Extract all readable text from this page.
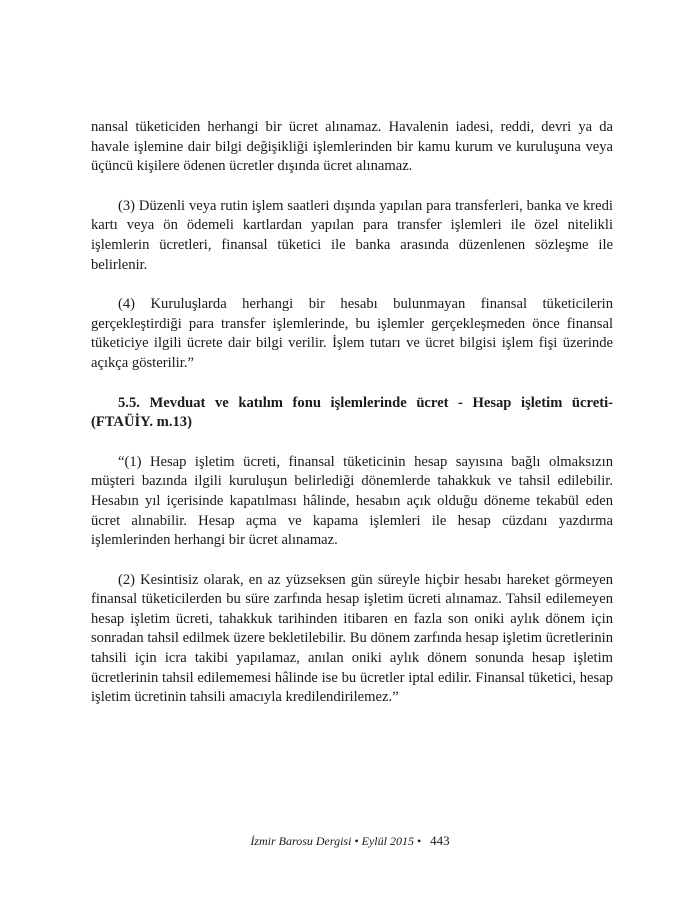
nansal tüketiciden herhangi bir ücret alınamaz. Havalenin iadesi, reddi, devri ya da havale işlemine dair bilgi değişikliği işlemlerinden bir kamu kurum ve kuruluşuna veya üçüncü kişilere ödenen ücretler dışında ücret alınamaz.

(3) Düzenli veya rutin işlem saatleri dışında yapılan para transferleri, banka ve kredi kartı veya ön ödemeli kartlardan yapılan para transfer işlemleri ile özel nitelikli işlemlerin ücretleri, finansal tüketici ile banka arasında düzenlenen sözleşme ile belirlenir.

(4) Kuruluşlarda herhangi bir hesabı bulunmayan finansal tüketicilerin gerçekleştirdiği para transfer işlemlerinde, bu işlemler gerçekleşmeden önce finansal tüketiciye ilgili ücrete dair bilgi verilir. İşlem tutarı ve ücret bilgisi işlem fişi üzerinde açıkça gösterilir.”

5.5. Mevduat ve katılım fonu işlemlerinde ücret - Hesap işletim ücreti- (FTAÜİY. m.13)

“(1) Hesap işletim ücreti, finansal tüketicinin hesap sayısına bağlı olmaksızın müşteri bazında ilgili kuruluşun belirlediği dönemlerde tahakkuk ve tahsil edilebilir. Hesabın yıl içerisinde kapatılması hâlinde, hesabın açık olduğu döneme tekabül eden ücret alınabilir. Hesap açma ve kapama işlemleri ile hesap cüzdanı yazdırma işlemlerinden herhangi bir ücret alınamaz.

(2) Kesintisiz olarak, en az yüzseksen gün süreyle hiçbir hesabı hareket görmeyen finansal tüketicilerden bu süre zarfında hesap işletim ücreti alınamaz. Tahsil edilemeyen hesap işletim ücreti, tahakkuk tarihinden itibaren en fazla son oniki aylık dönem için sonradan tahsil edilmek üzere bekletilebilir. Bu dönem zarfında hesap işletim ücretlerinin tahsili için icra takibi yapılamaz, anılan oniki aylık dönem sonunda hesap işletim ücretlerinin tahsil edilememesi hâlinde ise bu ücretler iptal edilir. Finansal tüketici, hesap işletim ücretinin tahsili amacıyla kredilendirilemez.”

İzmir Barosu Dergisi • Eylül 2015 • 443
